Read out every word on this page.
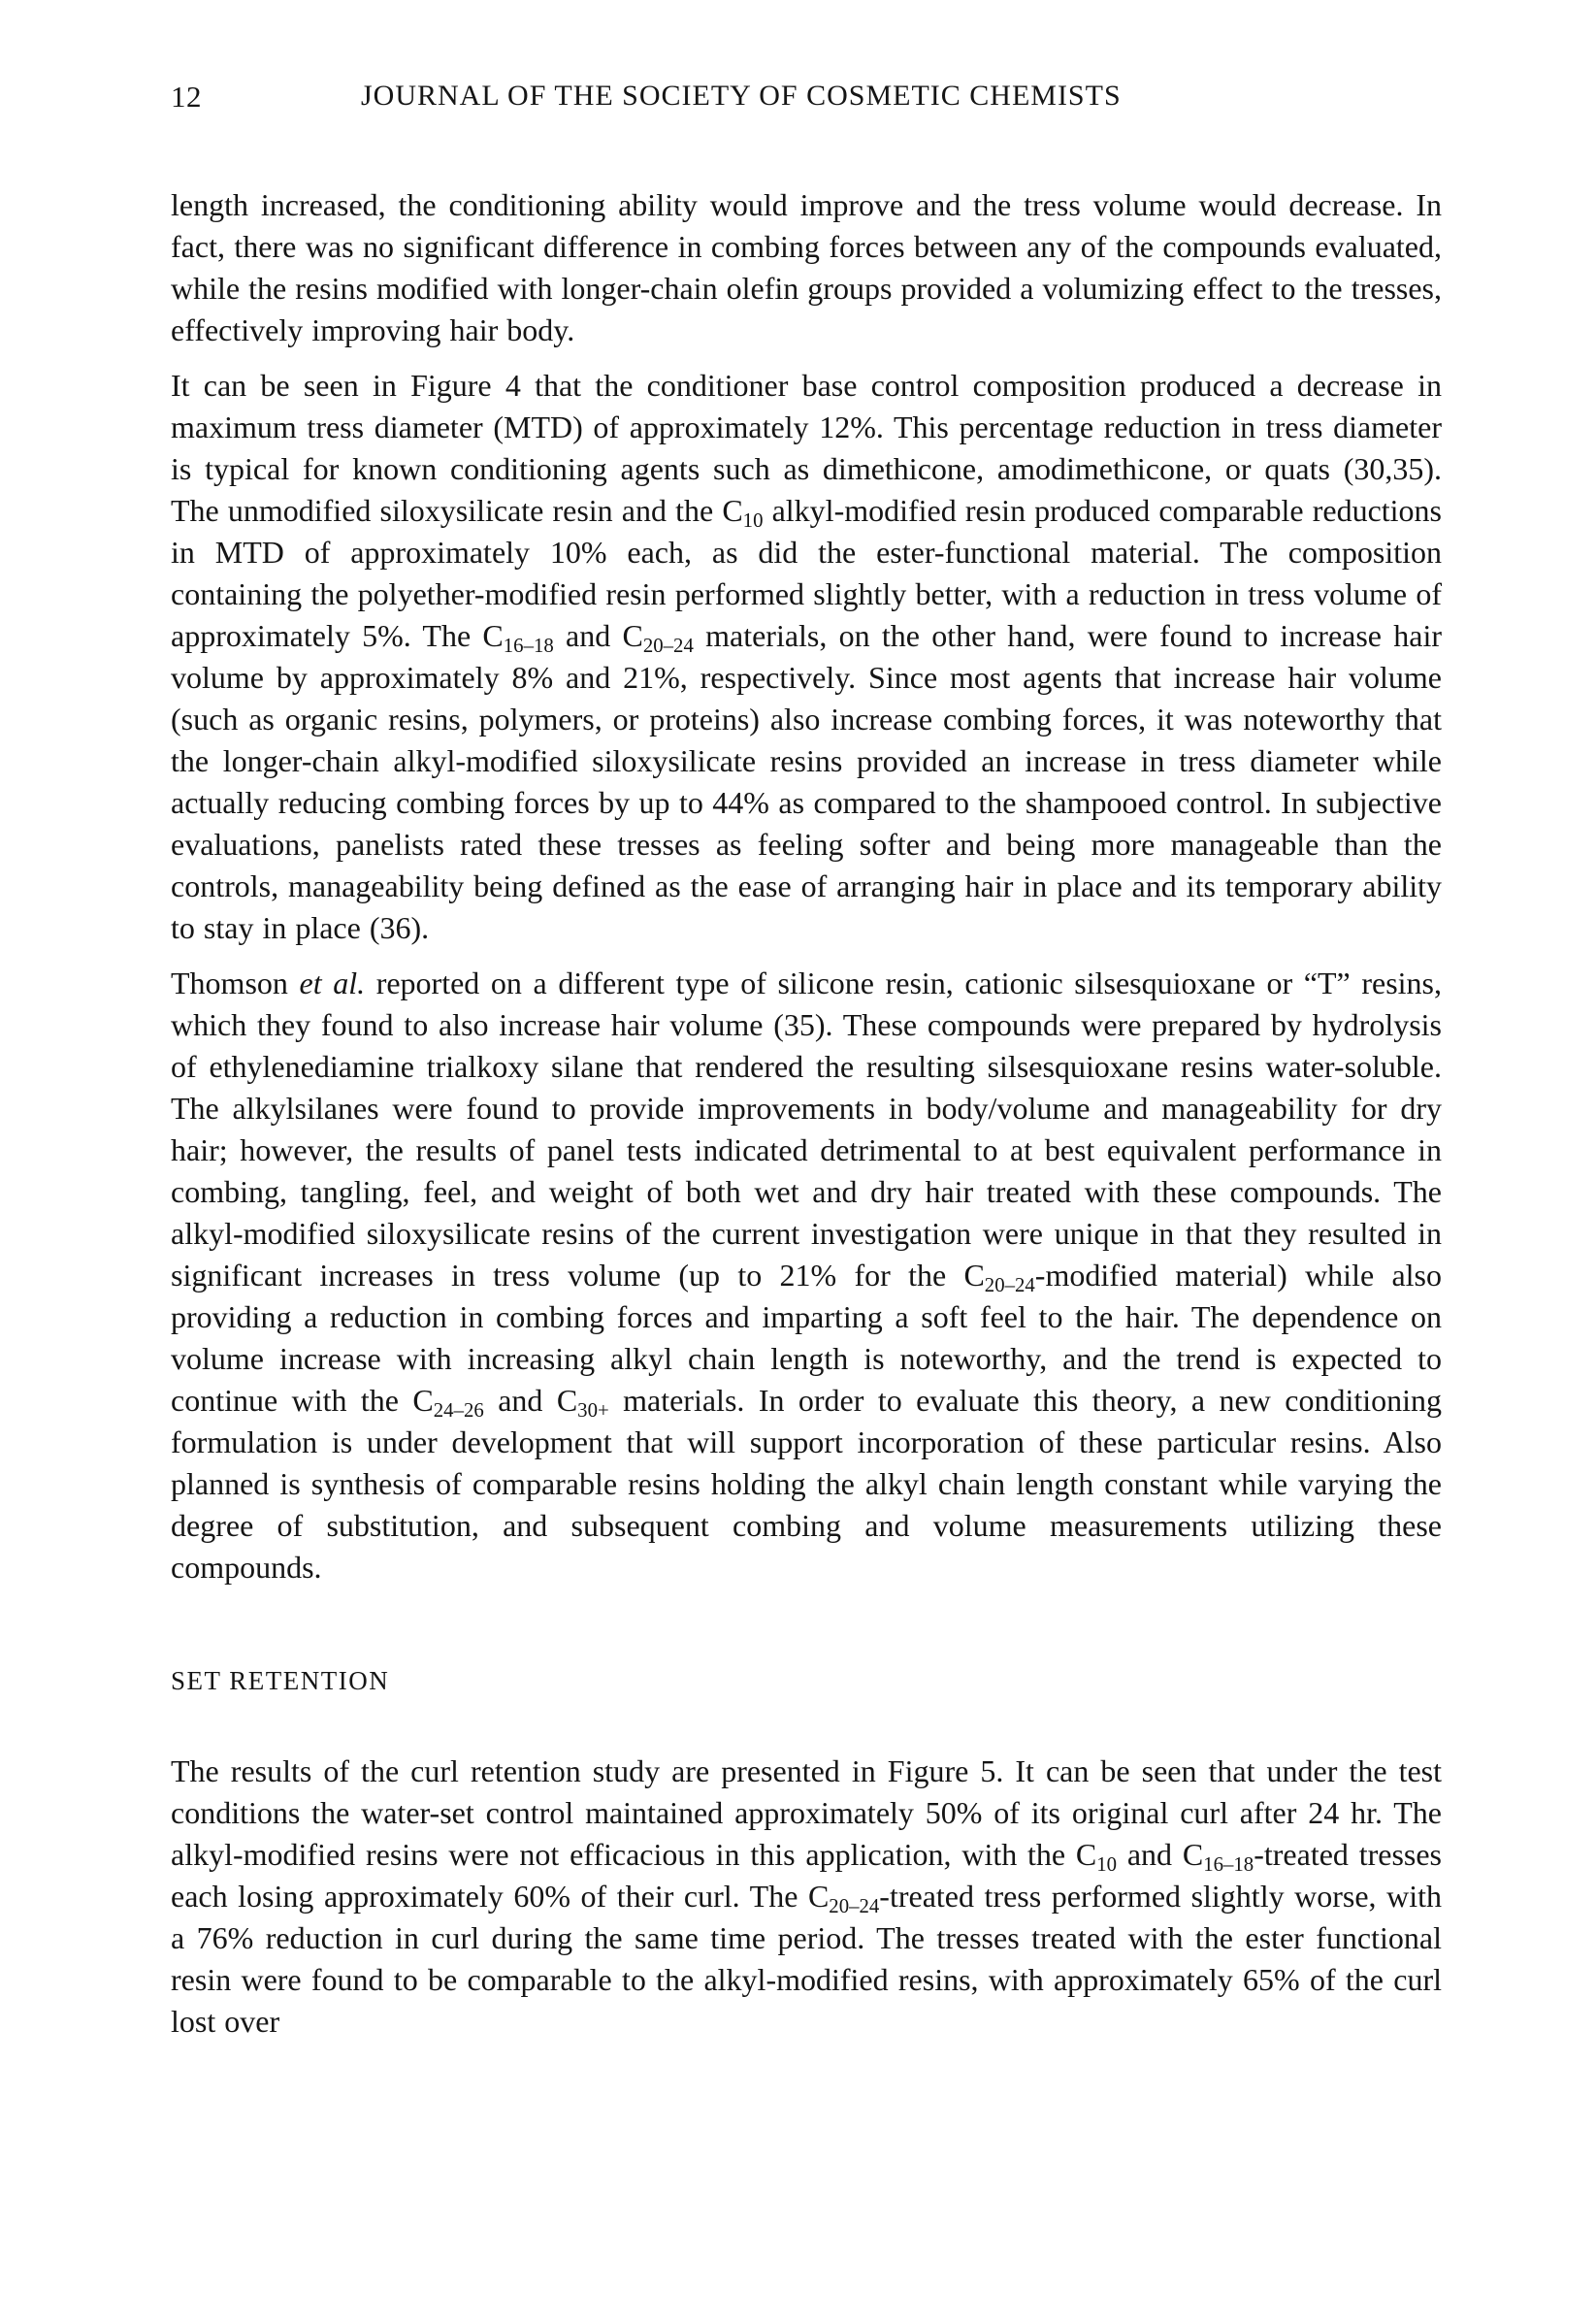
12	JOURNAL OF THE SOCIETY OF COSMETIC CHEMISTS

length increased, the conditioning ability would improve and the tress volume would decrease. In fact, there was no significant difference in combing forces between any of the compounds evaluated, while the resins modified with longer-chain olefin groups provided a volumizing effect to the tresses, effectively improving hair body.

It can be seen in Figure 4 that the conditioner base control composition produced a decrease in maximum tress diameter (MTD) of approximately 12%. This percentage reduction in tress diameter is typical for known conditioning agents such as dimethicone, amodimethicone, or quats (30,35). The unmodified siloxysilicate resin and the $C_{10}$ alkyl-modified resin produced comparable reductions in MTD of approximately 10% each, as did the ester-functional material. The composition containing the polyether-modified resin performed slightly better, with a reduction in tress volume of approximately 5%. The $C_{16-18}$ and $C_{20-24}$ materials, on the other hand, were found to increase hair volume by approximately 8% and 21%, respectively. Since most agents that increase hair volume (such as organic resins, polymers, or proteins) also increase combing forces, it was noteworthy that the longer-chain alkyl-modified siloxysilicate resins provided an increase in tress diameter while actually reducing combing forces by up to 44% as compared to the shampooed control. In subjective evaluations, panelists rated these tresses as feeling softer and being more manageable than the controls, manageability being defined as the ease of arranging hair in place and its temporary ability to stay in place (36).

Thomson et al. reported on a different type of silicone resin, cationic silsesquioxane or “T” resins, which they found to also increase hair volume (35). These compounds were prepared by hydrolysis of ethylenediamine trialkoxy silane that rendered the resulting silsesquioxane resins water-soluble. The alkylsilanes were found to provide improvements in body/volume and manageability for dry hair; however, the results of panel tests indicated detrimental to at best equivalent performance in combing, tangling, feel, and weight of both wet and dry hair treated with these compounds. The alkyl-modified siloxysilicate resins of the current investigation were unique in that they resulted in significant increases in tress volume (up to 21% for the $C_{20-24}$-modified material) while also providing a reduction in combing forces and imparting a soft feel to the hair. The dependence on volume increase with increasing alkyl chain length is noteworthy, and the trend is expected to continue with the $C_{24-26}$ and $C_{30+}$ materials. In order to evaluate this theory, a new conditioning formulation is under development that will support incorporation of these particular resins. Also planned is synthesis of comparable resins holding the alkyl chain length constant while varying the degree of substitution, and subsequent combing and volume measurements utilizing these compounds.

SET RETENTION

The results of the curl retention study are presented in Figure 5. It can be seen that under the test conditions the water-set control maintained approximately 50% of its original curl after 24 hr. The alkyl-modified resins were not efficacious in this application, with the $C_{10}$ and $C_{16-18}$-treated tresses each losing approximately 60% of their curl. The $C_{20-24}$-treated tress performed slightly worse, with a 76% reduction in curl during the same time period. The tresses treated with the ester functional resin were found to be comparable to the alkyl-modified resins, with approximately 65% of the curl lost over
